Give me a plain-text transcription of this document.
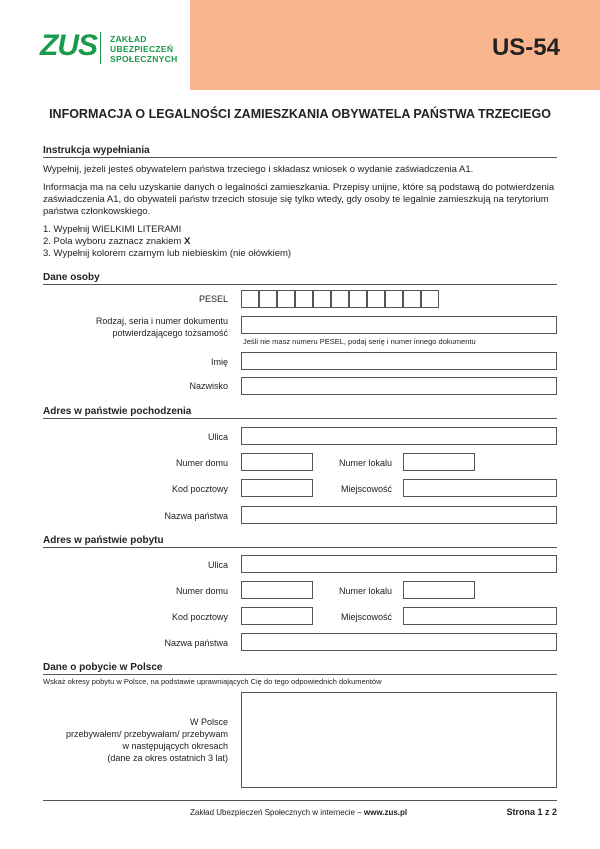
ZUS ZAKŁAD
UBEZPIECZEŃ
SPOŁECZNYCH	US-54
INFORMACJA O LEGALNOŚCI ZAMIESZKANIA OBYWATELA PAŃSTWA TRZECIEGO
Instrukcja wypełniania
Wypełnij, jeżeli jesteś obywatelem państwa trzeciego i składasz wniosek o wydanie zaświadczenia A1.
Informacja ma na celu uzyskanie danych o legalności zamieszkania. Przepisy unijne, które są podstawą do potwierdzenia zaświadczenia A1, do obywateli państw trzecich stosuje się tylko wtedy, gdy osoby te legalnie zamieszkują na terytorium państwa członkowskiego.
1. Wypełnij WIELKIMI LITERAMI
2. Pola wyboru zaznacz znakiem X
3. Wypełnij kolorem czarnym lub niebieskim (nie ołówkiem)
Dane osoby
PESEL
Rodzaj, seria i numer dokumentu
potwierdzającego tożsamość
Jeśli nie masz numeru PESEL, podaj serię i numer innego dokumentu
Imię
Nazwisko
Adres w państwie pochodzenia
Ulica
Numer domu	Numer lokalu
Kod pocztowy	Miejscowość
Nazwa państwa
Adres w państwie pobytu
Ulica
Numer domu	Numer lokalu
Kod pocztowy	Miejscowość
Nazwa państwa
Dane o pobycie w Polsce
Wskaż okresy pobytu w Polsce, na podstawie uprawniających Cię do tego odpowiednich dokumentów
W Polsce
przebywałem/ przebywałam/ przebywam
w następujących okresach
(dane za okres ostatnich 3 lat)
Zakład Ubezpieczeń Społecznych w internecie – www.zus.pl	Strona 1 z 2
